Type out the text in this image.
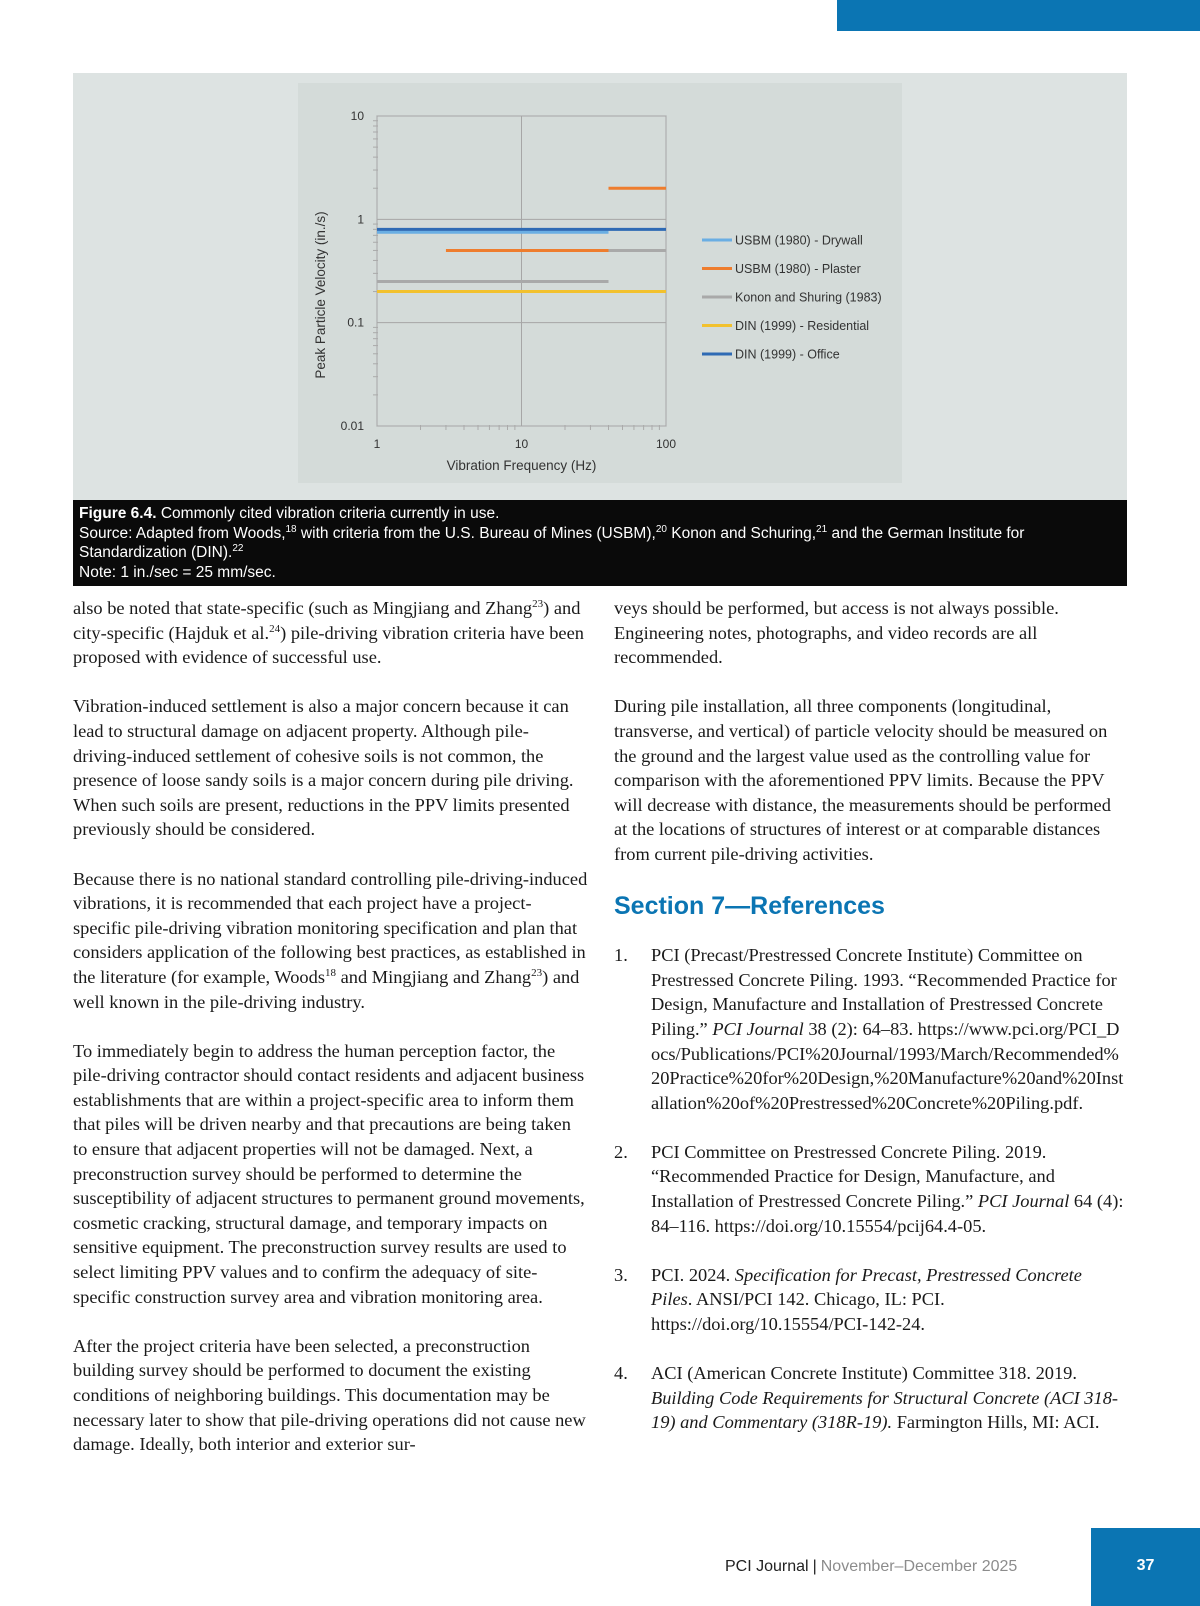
0.01
0.1
1
10
1	10	100
Vibration Frequency (Hz)
Peak Particle Velocity (in./s)	USBM (1980) - Drywall
USBM (1980) - Plaster
Konon and Shuring (1983)
DIN (1999) - Residential
DIN (1999) - Office
Figure 6.4. Commonly cited vibration criteria currently in use.
Source: Adapted from Woods,$^{18}$ with criteria from the U.S. Bureau of Mines (USBM),$^{20}$ Konon and Schuring,$^{21}$ and the German Institute for Standardization (DIN).$^{22}$
Note: 1 in./sec = 25 mm/sec.

also be noted that state-specific (such as Mingjiang and Zhang$^{23}$) and city-specific (Hajduk et al.$^{24}$) pile-driving vibration criteria have been proposed with evidence of successful use.

Vibration-induced settlement is also a major concern because it can lead to structural damage on adjacent property. Although pile-driving-induced settlement of cohesive soils is not common, the presence of loose sandy soils is a major concern during pile driving. When such soils are present, reductions in the PPV limits presented previously should be considered.

Because there is no national standard controlling pile-driving-induced vibrations, it is recommended that each project have a project-specific pile-driving vibration monitoring specification and plan that considers application of the following best practices, as established in the literature (for example, Woods$^{18}$ and Mingjiang and Zhang$^{23}$) and well known in the pile-driving industry.

To immediately begin to address the human perception factor, the pile-driving contractor should contact residents and adjacent business establishments that are within a project-specific area to inform them that piles will be driven nearby and that precautions are being taken to ensure that adjacent properties will not be damaged. Next, a preconstruction survey should be performed to determine the susceptibility of adjacent structures to permanent ground movements, cosmetic cracking, structural damage, and temporary impacts on sensitive equipment. The preconstruction survey results are used to select limiting PPV values and to confirm the adequacy of site-specific construction survey area and vibration monitoring area.

After the project criteria have been selected, a preconstruction building survey should be performed to document the existing conditions of neighboring buildings. This documentation may be necessary later to show that pile-driving operations did not cause new damage. Ideally, both interior and exterior sur-

veys should be performed, but access is not always possible. Engineering notes, photographs, and video records are all recommended.

During pile installation, all three components (longitudinal, transverse, and vertical) of particle velocity should be measured on the ground and the largest value used as the controlling value for comparison with the aforementioned PPV limits. Because the PPV will decrease with distance, the measurements should be performed at the locations of structures of interest or at comparable distances from current pile-driving activities.

Section 7—References
1. PCI (Precast/Prestressed Concrete Institute) Committee on Prestressed Concrete Piling. 1993. “Recommended Practice for Design, Manufacture and Installation of Prestressed Concrete Piling.” PCI Journal 38 (2): 64–83. https://www.pci.org/PCI_Docs/Publications/PCI%20Journal/1993/March/Recommended%20Practice%20for%20Design,%20Manufacture%20and%20Installation%20of%20Prestressed%20Concrete%20Piling.pdf.
2. PCI Committee on Prestressed Concrete Piling. 2019. “Recommended Practice for Design, Manufacture, and Installation of Prestressed Concrete Piling.” PCI Journal 64 (4): 84–116. https://doi.org/10.15554/pcij64.4-05.
3. PCI. 2024. Specification for Precast, Prestressed Concrete Piles. ANSI/PCI 142. Chicago, IL: PCI. https://doi.org/10.15554/PCI-142-24.
4. ACI (American Concrete Institute) Committee 318. 2019. Building Code Requirements for Structural Concrete (ACI 318-19) and Commentary (318R-19). Farmington Hills, MI: ACI.
PCI Journal | November–December 2025	37
